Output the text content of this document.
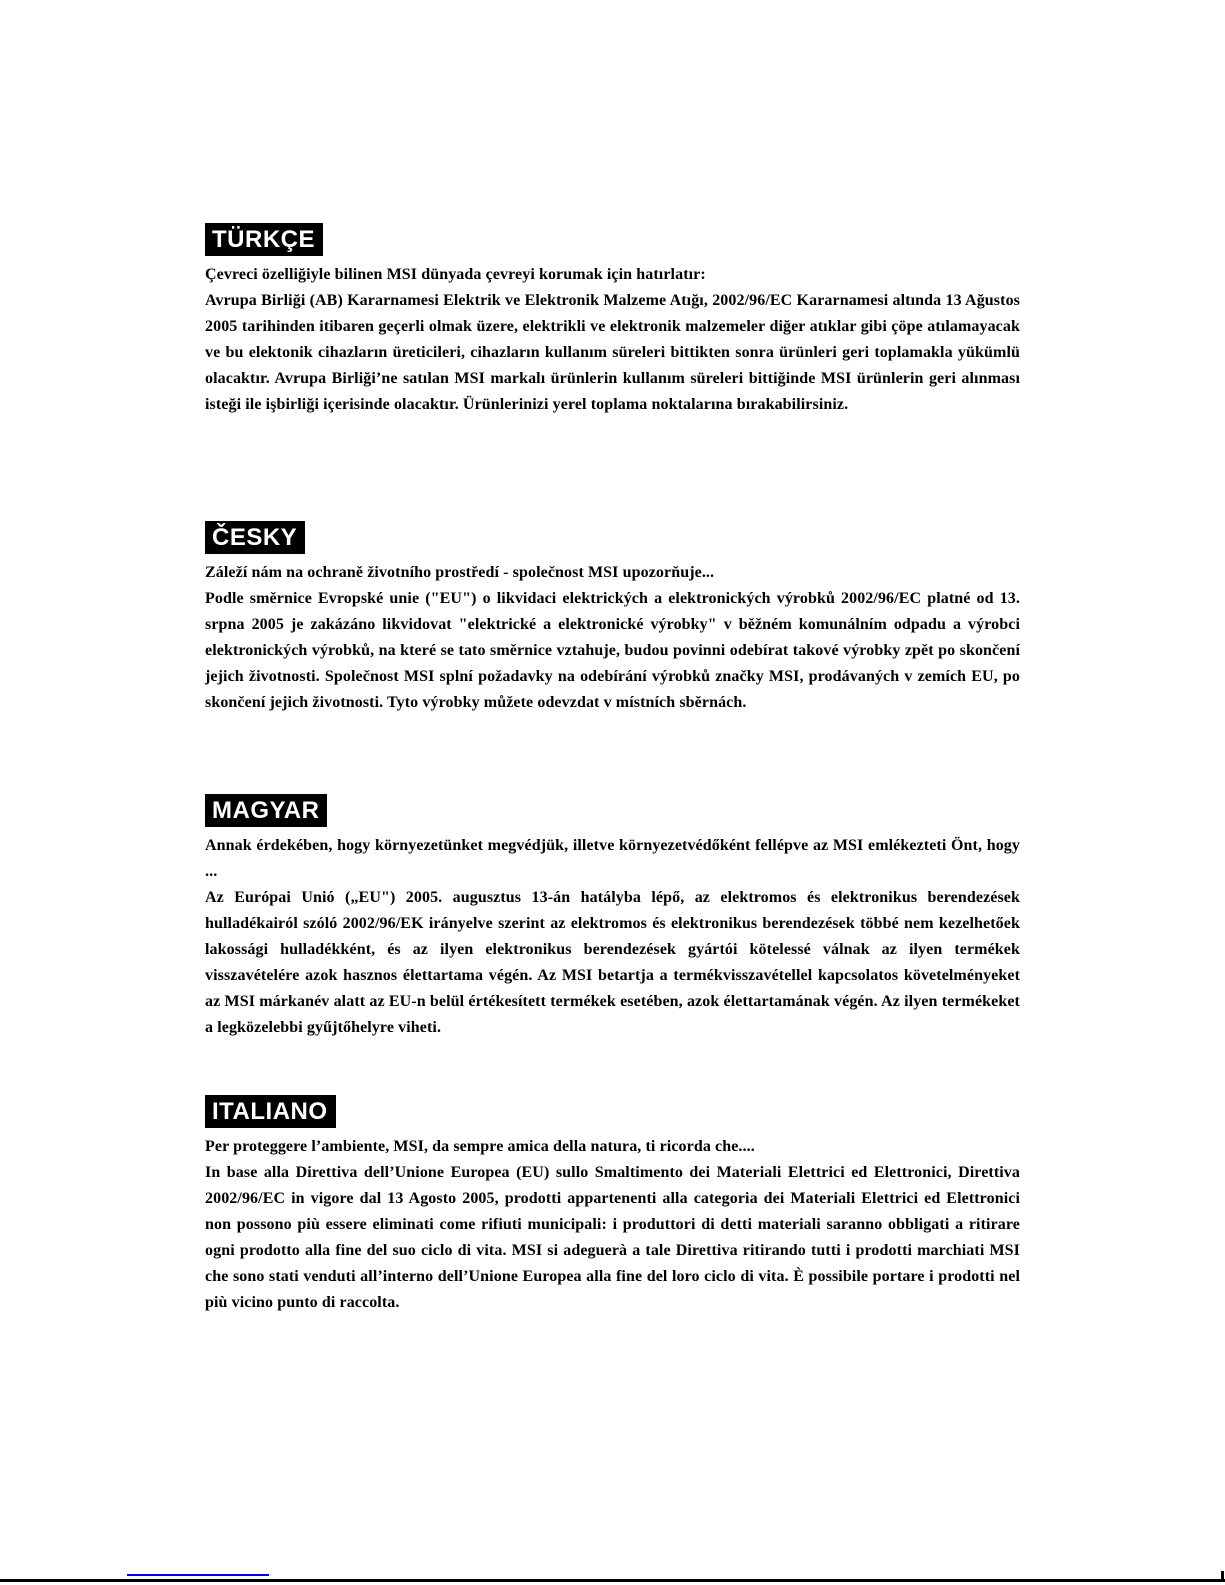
TÜRKÇE

Çevreci özelliğiyle bilinen MSI dünyada çevreyi korumak için hatırlatır:

Avrupa Birliği (AB) Kararnamesi Elektrik ve Elektronik Malzeme Atığı, 2002/96/EC Kararnamesi altında 13 Ağustos 2005 tarihinden itibaren geçerli olmak üzere, elektrikli ve elektronik malzemeler diğer atıklar gibi çöpe atılamayacak ve bu elektonik cihazların üreticileri, cihazların kullanım süreleri bittikten sonra ürünleri geri toplamakla yükümlü olacaktır. Avrupa Birliği’ne satılan MSI markalı ürünlerin kullanım süreleri bittiğinde MSI ürünlerin geri alınması isteği ile işbirliği içerisinde olacaktır. Ürünlerinizi yerel toplama noktalarına bırakabilirsiniz.

ČESKY

Záleží nám na ochraně životního prostředí - společnost MSI upozorňuje...

Podle směrnice Evropské unie ("EU") o likvidaci elektrických a elektronických výrobků 2002/96/EC platné od 13. srpna 2005 je zakázáno likvidovat "elektrické a elektronické výrobky" v běžném komunálním odpadu a výrobci elektronických výrobků, na které se tato směrnice vztahuje, budou povinni odebírat takové výrobky zpět po skončení jejich životnosti. Společnost MSI splní požadavky na odebírání výrobků značky MSI, prodávaných v zemích EU, po skončení jejich životnosti. Tyto výrobky můžete odevzdat v místních sběrnách.

MAGYAR

Annak érdekében, hogy környezetünket megvédjük, illetve környezetvédőként fellépve az MSI emlékezteti Önt, hogy ...

Az Európai Unió („EU") 2005. augusztus 13-án hatályba lépő, az elektromos és elektronikus berendezések hulladékairól szóló 2002/96/EK irányelve szerint az elektromos és elektronikus berendezések többé nem kezelhetőek lakossági hulladékként, és az ilyen elektronikus berendezések gyártói kötelessé válnak az ilyen termékek visszavételére azok hasznos élettartama végén. Az MSI betartja a termékvisszavétellel kapcsolatos követelményeket az MSI márkanév alatt az EU-n belül értékesített termékek esetében, azok élettartamának végén. Az ilyen termékeket a legközelebbi gyűjtőhelyre viheti.

ITALIANO

Per proteggere l’ambiente, MSI, da sempre amica della natura, ti ricorda che....

In base alla Direttiva dell’Unione Europea (EU) sullo Smaltimento dei Materiali Elettrici ed Elettronici, Direttiva 2002/96/EC in vigore dal 13 Agosto 2005, prodotti appartenenti alla categoria dei Materiali Elettrici ed Elettronici non possono più essere eliminati come rifiuti municipali: i produttori di detti materiali saranno obbligati a ritirare ogni prodotto alla fine del suo ciclo di vita. MSI si adeguerà a tale Direttiva ritirando tutti i prodotti marchiati MSI che sono stati venduti all’interno dell’Unione Europea alla fine del loro ciclo di vita. È possibile portare i prodotti nel più vicino punto di raccolta.
